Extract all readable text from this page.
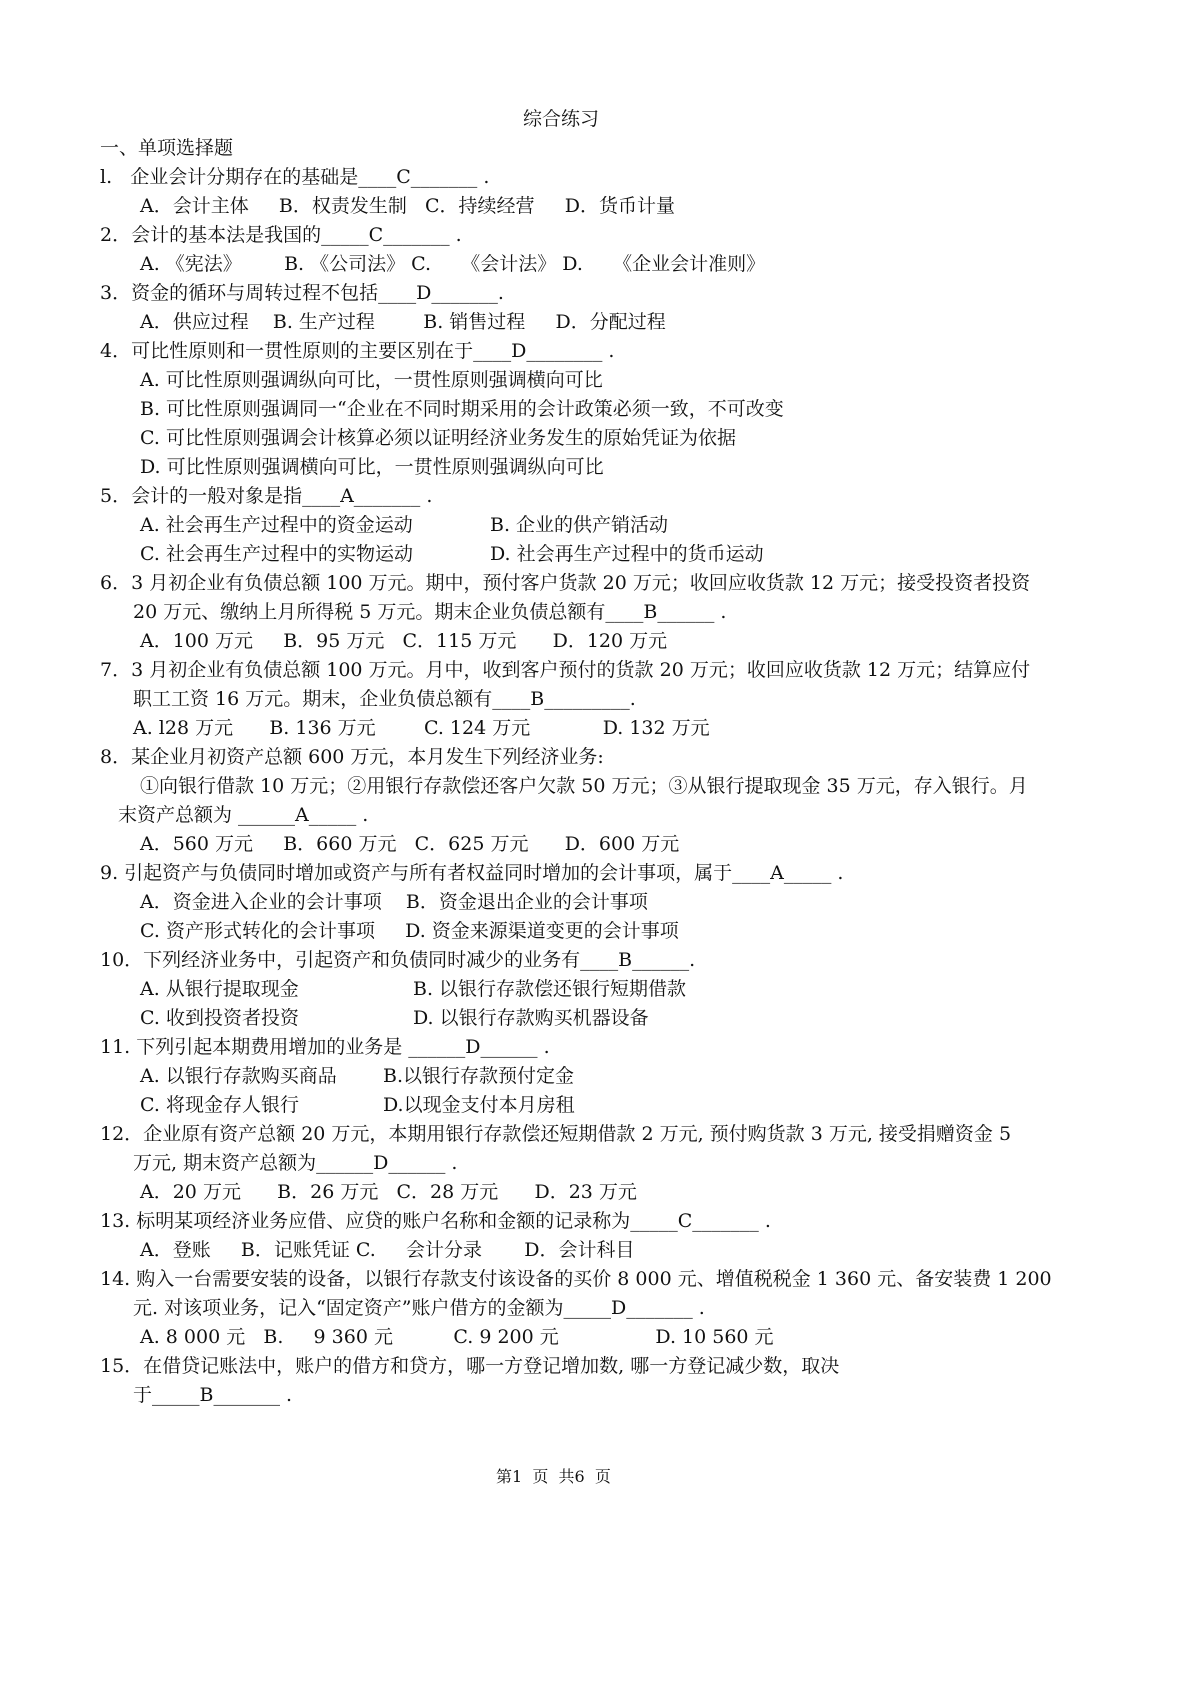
综合练习
一、单项选择题
l.   企业会计分期存在的基础是____C_______ .
A．会计主体     B．权责发生制   C．持续经营     D．货币计量
2．会计的基本法是我国的_____C_______ .
A. 《宪法》       B. 《公司法》 C.     《会计法》 D.     《企业会计准则》
3．资金的循环与周转过程不包括____D_______.
A．供应过程    B. 生产过程        B. 销售过程     D．分配过程
4．可比性原则和一贯性原则的主要区别在于____D________ .
A. 可比性原则强调纵向可比，一贯性原则强调横向可比
B. 可比性原则强调同一“企业在不同时期采用的会计政策必须一致，不可改变
C. 可比性原则强调会计核算必须以证明经济业务发生的原始凭证为依据
D. 可比性原则强调横向可比，一贯性原则强调纵向可比
5．会计的一般对象是指____A_______ .
A. 社会再生产过程中的资金运动	B. 企业的供产销活动
C. 社会再生产过程中的实物运动	D. 社会再生产过程中的货币运动
6．3 月初企业有负债总额 100 万元。期中，预付客户货款 20 万元；收回应收货款 12 万元；接受投资者投资
20 万元、缴纳上月所得税 5 万元。期末企业负债总额有____B______ .
A．100 万元     B．95 万元   C．115 万元      D．120 万元
7．3 月初企业有负债总额 100 万元。月中，收到客户预付的货款 20 万元；收回应收货款 12 万元；结算应付
职工工资 16 万元。期末，企业负债总额有____B_________.
A. l28 万元      B. 136 万元        C. 124 万元            D. 132 万元
8．某企业月初资产总额 600 万元，本月发生下列经济业务:
①向银行借款 10 万元；②用银行存款偿还客户欠款 50 万元；③从银行提取现金 35 万元，存入银行。月
末资产总额为 ______A_____ .
A．560 万元     B．660 万元   C．625 万元      D．600 万元
9. 引起资产与负债同时增加或资产与所有者权益同时增加的会计事项，属于____A_____ .
A．资金进入企业的会计事项    B．资金退出企业的会计事项
C. 资产形式转化的会计事项     D. 资金来源渠道变更的会计事项
10．下列经济业务中，引起资产和负债同时减少的业务有____B______.
A. 从银行提取现金	B. 以银行存款偿还银行短期借款
C. 收到投资者投资	D. 以银行存款购买机器设备
11. 下列引起本期费用增加的业务是 ______D______ .
A. 以银行存款购买商品 B.以银行存款预付定金
C. 将现金存人银行	D.以现金支付本月房租
12．企业原有资产总额 20 万元，本期用银行存款偿还短期借款 2 万元, 预付购货款 3 万元, 接受捐赠资金 5
万元, 期末资产总额为______D______ .
A．20 万元      B．26 万元   C．28 万元      D．23 万元
13. 标明某项经济业务应借、应贷的账户名称和金额的记录称为_____C_______ .
A．登账     B．记账凭证 C.     会计分录       D．会计科目
14. 购入一台需要安装的设备，以银行存款支付该设备的买价 8 000 元、增值税税金 1 360 元、备安装费 1 200
元. 对该项业务，记入“固定资产”账户借方的金额为_____D_______ .
A. 8 000 元   B.     9 360 元          C. 9 200 元                D. 10 560 元
15．在借贷记账法中，账户的借方和贷方，哪一方登记增加数, 哪一方登记减少数，取决
于_____B_______ .
第1  页  共6  页
